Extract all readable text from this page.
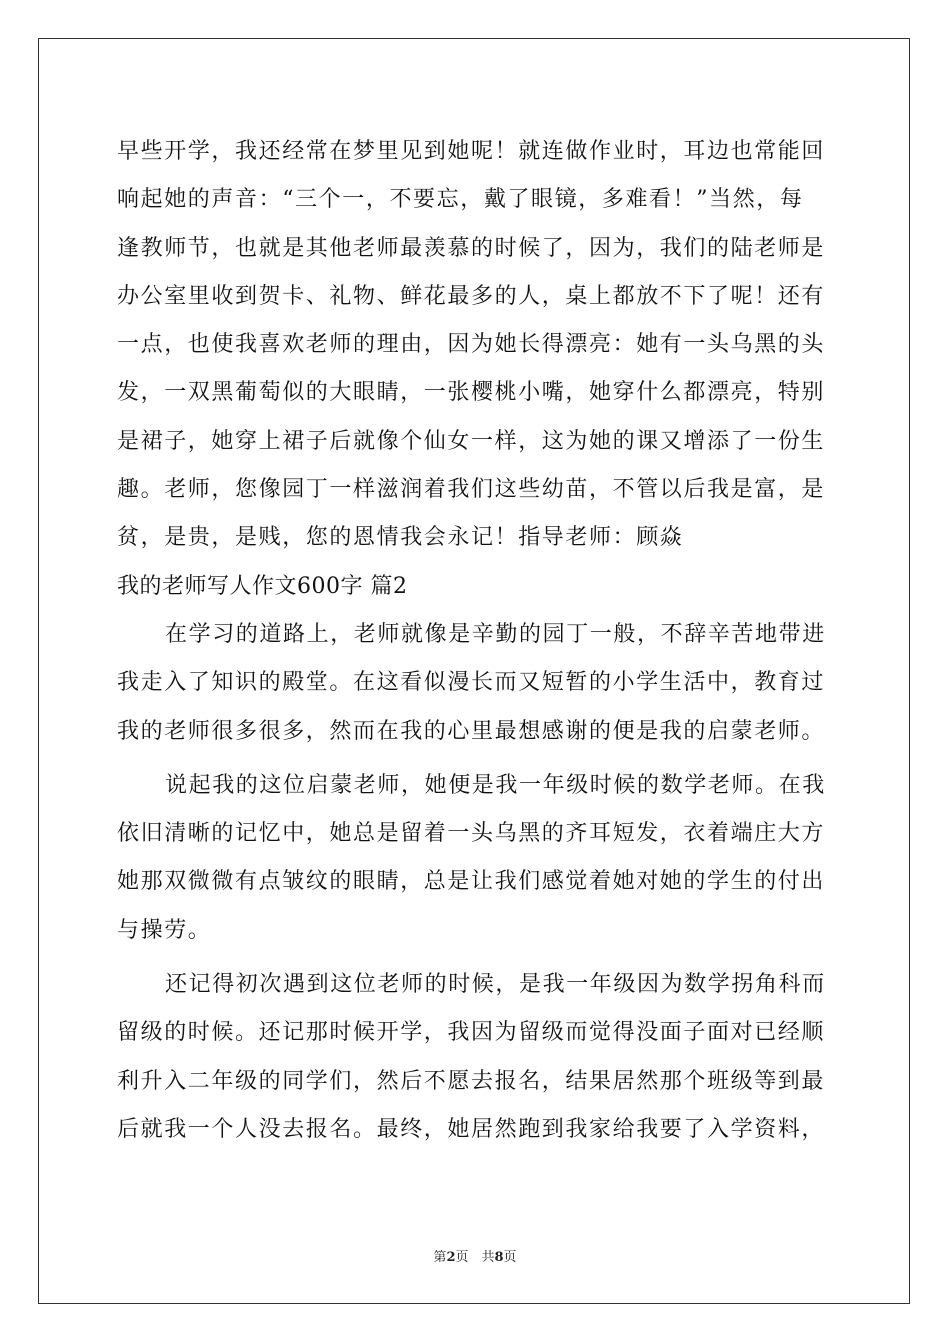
早些开学，我还经常在梦里见到她呢！就连做作业时，耳边也常能回
响起她的声音：“三个一，不要忘，戴了眼镜，多难看！”当然，每
逢教师节，也就是其他老师最羡慕的时候了，因为，我们的陆老师是
办公室里收到贺卡、礼物、鲜花最多的人，桌上都放不下了呢！还有
一点，也使我喜欢老师的理由，因为她长得漂亮：她有一头乌黑的头
发，一双黑葡萄似的大眼睛，一张樱桃小嘴，她穿什么都漂亮，特别
是裙子，她穿上裙子后就像个仙女一样，这为她的课又增添了一份生
趣。老师，您像园丁一样滋润着我们这些幼苗，不管以后我是富，是
贫，是贵，是贱，您的恩情我会永记！指导老师：顾焱
我的老师写人作文600字 篇2
在学习的道路上，老师就像是辛勤的园丁一般，不辞辛苦地带进
我走入了知识的殿堂。在这看似漫长而又短暂的小学生活中，教育过
我的老师很多很多，然而在我的心里最想感谢的便是我的启蒙老师。
说起我的这位启蒙老师，她便是我一年级时候的数学老师。在我
依旧清晰的记忆中，她总是留着一头乌黑的齐耳短发，衣着端庄大方
她那双微微有点皱纹的眼睛，总是让我们感觉着她对她的学生的付出
与操劳。
还记得初次遇到这位老师的时候，是我一年级因为数学拐角科而
留级的时候。还记那时候开学，我因为留级而觉得没面子面对已经顺
利升入二年级的同学们，然后不愿去报名，结果居然那个班级等到最
后就我一个人没去报名。最终，她居然跑到我家给我要了入学资料，
第2页　共8页
